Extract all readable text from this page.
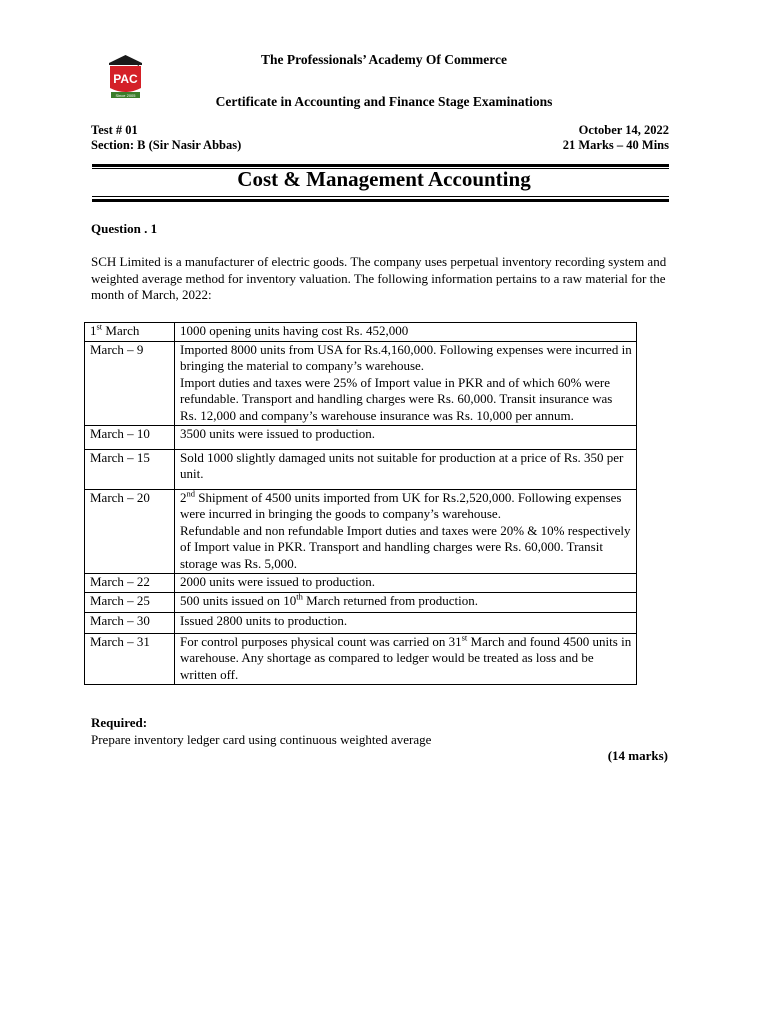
PAC
Since 2005
The Professionals’ Academy Of Commerce
Certificate in Accounting and Finance Stage Examinations
Test # 01
Section: B (Sir Nasir Abbas)
October 14, 2022
21 Marks – 40 Mins
Cost & Management Accounting
Question . 1
SCH Limited is a manufacturer of electric goods. The company uses perpetual inventory recording system and weighted average method for inventory valuation. The following information pertains to a raw material for the month of March, 2022:
1st March	1000 opening units having cost Rs. 452,000
March – 9	Imported 8000 units from USA for Rs.4,160,000. Following expenses were incurred in bringing the material to company’s warehouse.
Import duties and taxes were 25% of Import value in PKR and of which 60% were refundable. Transport and handling charges were Rs. 60,000. Transit insurance was Rs. 12,000 and company’s warehouse insurance was Rs. 10,000 per annum.

March – 10	3500 units were issued to production.
March – 15	Sold 1000 slightly damaged units not suitable for production at a price of Rs. 350 per unit.
March – 20	2nd Shipment of 4500 units imported from UK for Rs.2,520,000. Following expenses were incurred in bringing the goods to company’s warehouse.
Refundable and non refundable Import duties and taxes were 20% & 10% respectively of Import value in PKR. Transport and handling charges were Rs. 60,000. Transit storage was Rs. 5,000.

March – 22	2000 units were issued to production.
March – 25	500 units issued on 10th March returned from production.
March – 30	Issued 2800 units to production.
March – 31	For control purposes physical count was carried on 31st March and found 4500 units in warehouse. Any shortage as compared to ledger would be treated as loss and be written off.
Required:
Prepare inventory ledger card using continuous weighted average
(14 marks)
